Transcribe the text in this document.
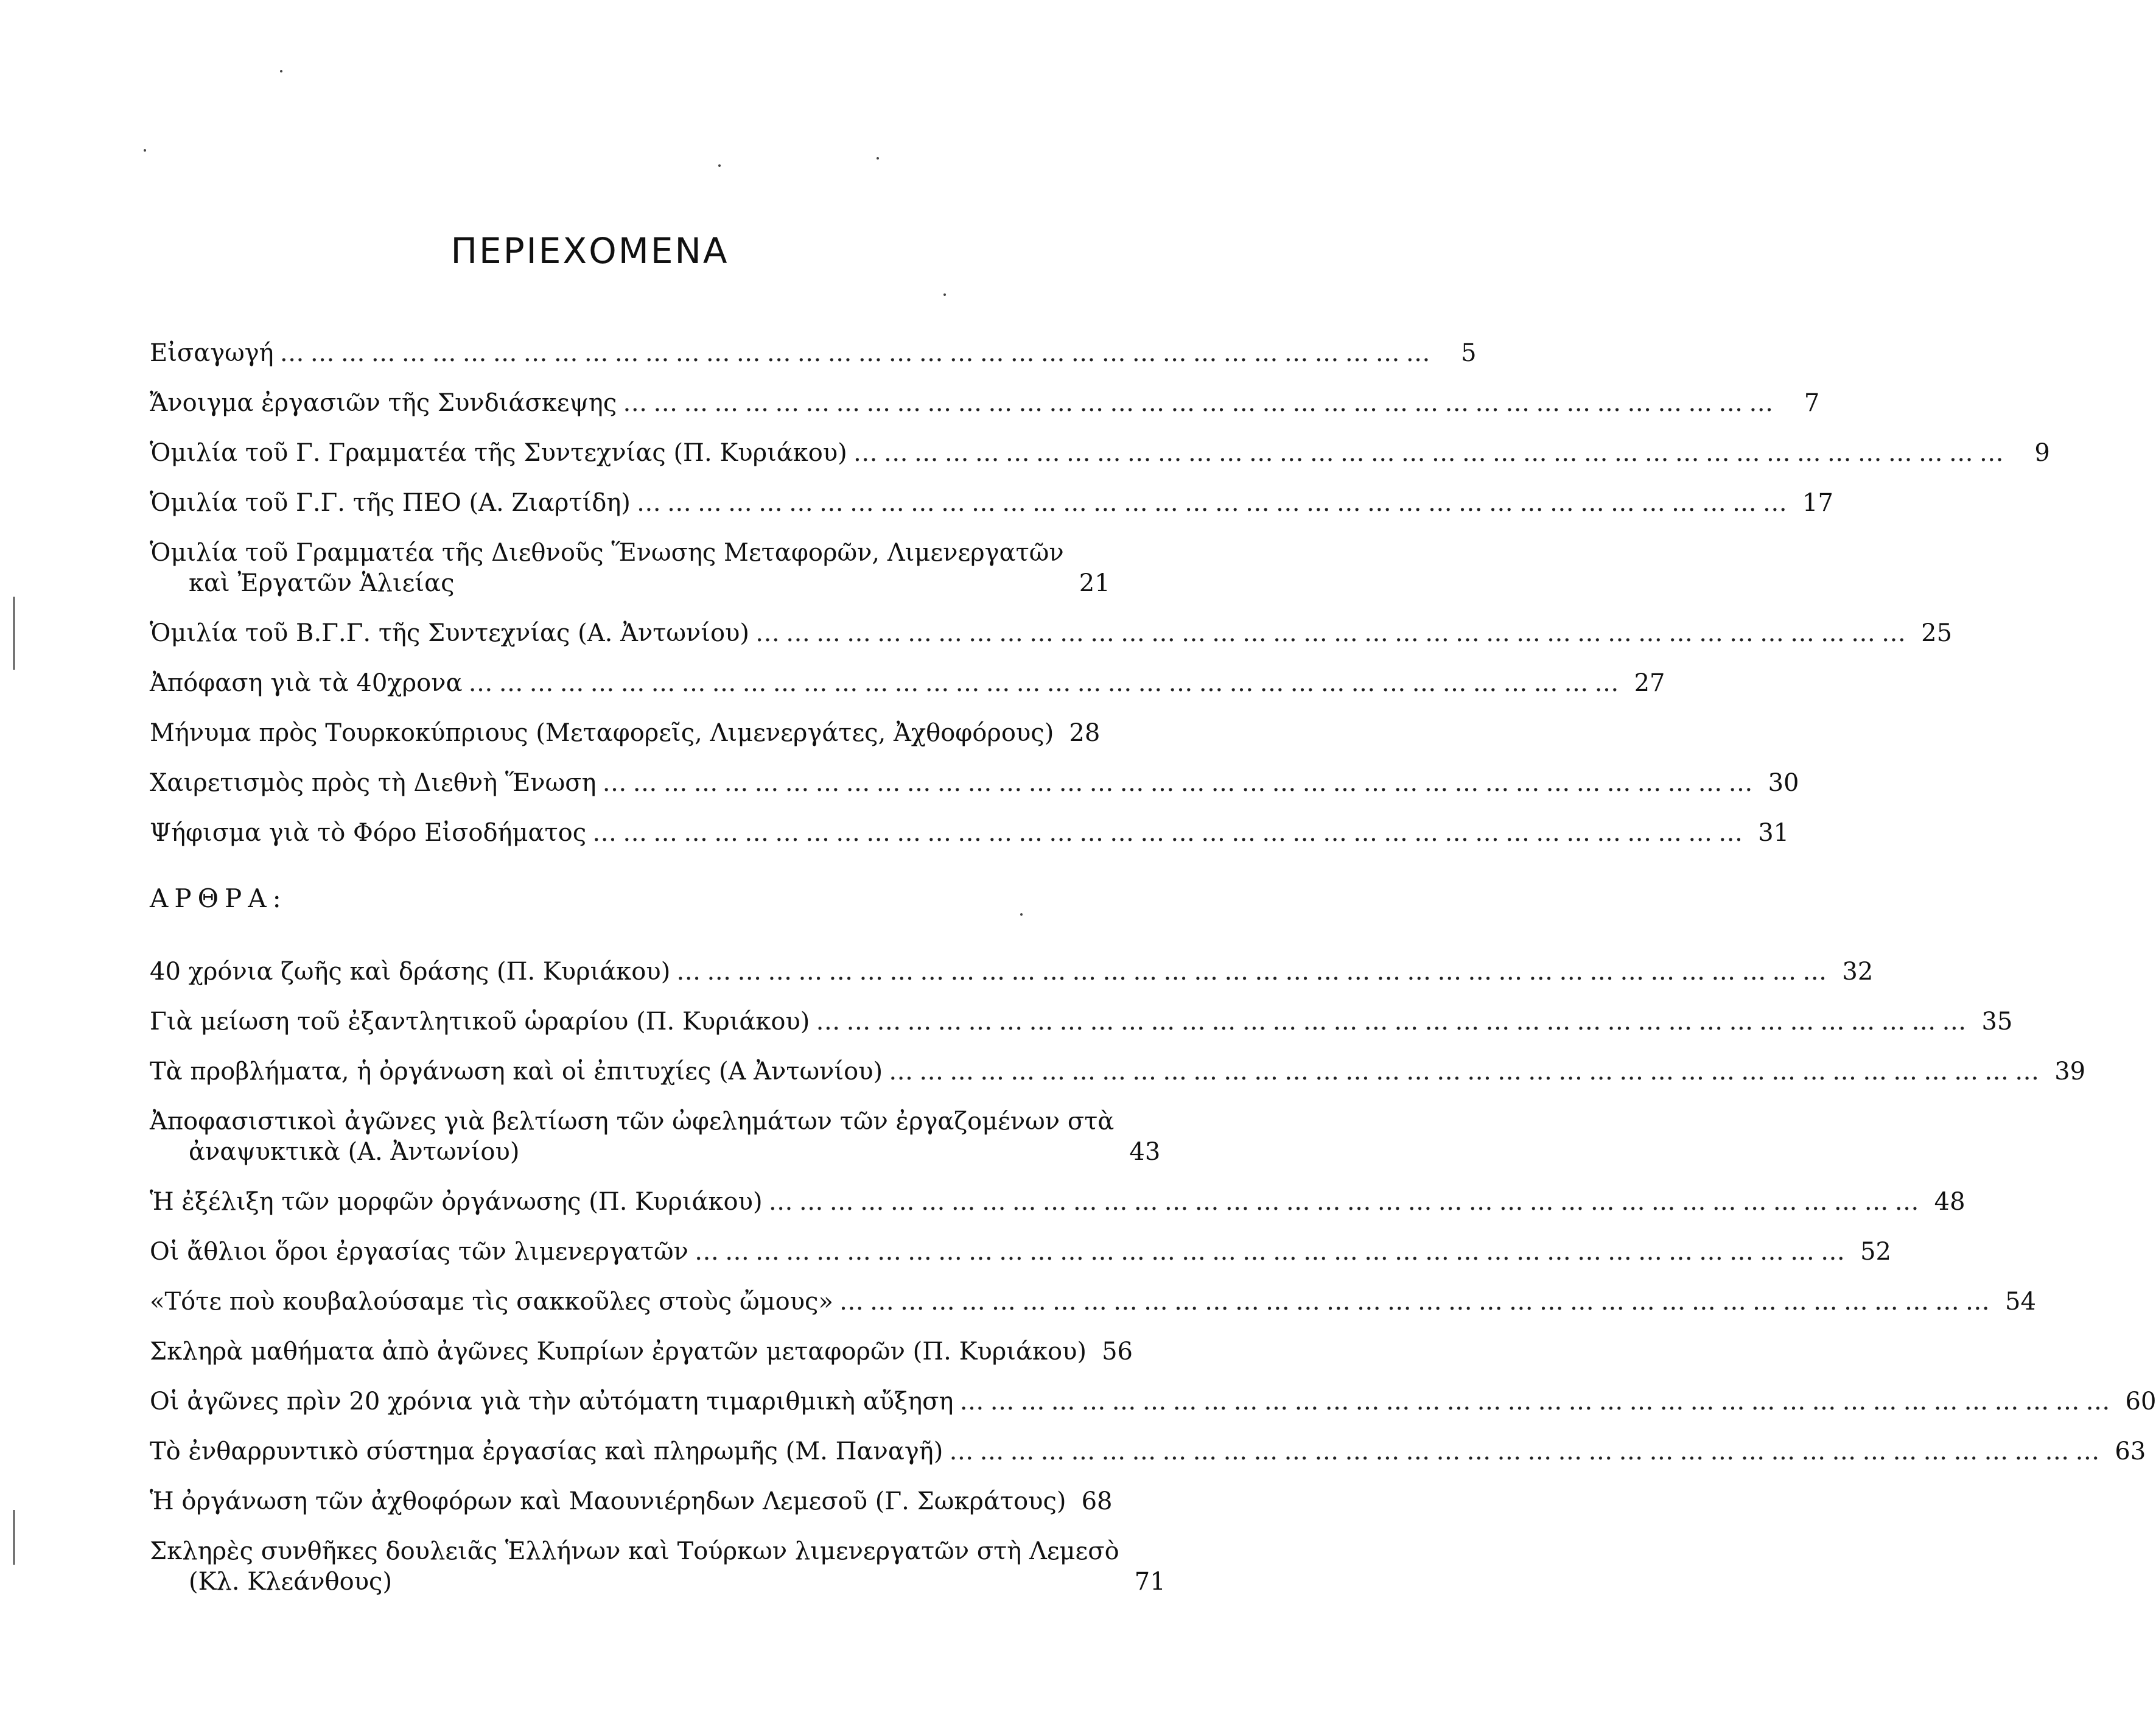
ΠΕΡΙΕΧΟΜΕΝΑ
Εἰσαγωγή ……………………………………………………………………………………………………	5
Ἄνοιγμα ἐργασιῶν τῆς Συνδιάσκεψης ……………………………………………………………………………………………………	7
Ὁμιλία τοῦ Γ. Γραμματέα τῆς Συντεχνίας (Π. Κυριάκου) ……………………………………………………………………………………………………	9
Ὁμιλία τοῦ Γ.Γ. τῆς ΠΕΟ (Α. Ζιαρτίδη) …………………………………………………………………………………………………… 17
Ὁμιλία τοῦ Γραμματέα τῆς Διεθνοῦς Ἕνωσης Μεταφορῶν, Λιμενεργατῶν
καὶ Ἐργατῶν Ἁλιείας	21
Ὁμιλία τοῦ Β.Γ.Γ. τῆς Συντεχνίας (Α. Ἀντωνίου) …………………………………………………………………………………………………… 25
Ἀπόφαση γιὰ τὰ 40χρονα …………………………………………………………………………………………………… 27
Μήνυμα πρὸς Τουρκοκύπριους (Μεταφορεῖς, Λιμενεργάτες, Ἀχθοφόρους) 28
Χαιρετισμὸς πρὸς τὴ Διεθνὴ Ἕνωση …………………………………………………………………………………………………… 30
Ψήφισμα γιὰ τὸ Φόρο Εἰσοδήματος …………………………………………………………………………………………………… 31
ΑΡΘΡΑ:
40 χρόνια ζωῆς καὶ δράσης (Π. Κυριάκου) …………………………………………………………………………………………………… 32
Γιὰ μείωση τοῦ ἐξαντλητικοῦ ὡραρίου (Π. Κυριάκου) …………………………………………………………………………………………………… 35
Τὰ προβλήματα, ἡ ὀργάνωση καὶ οἱ ἐπιτυχίες (Α Ἀντωνίου) …………………………………………………………………………………………………… 39
Ἀποφασιστικοὶ ἀγῶνες γιὰ βελτίωση τῶν ὠφελημάτων τῶν ἐργαζομένων στὰ
ἀναψυκτικὰ (Α. Ἀντωνίου)	43
Ἡ ἐξέλιξη τῶν μορφῶν ὀργάνωσης (Π. Κυριάκου) …………………………………………………………………………………………………… 48
Οἱ ἄθλιοι ὅροι ἐργασίας τῶν λιμενεργατῶν …………………………………………………………………………………………………… 52
«Τότε ποὺ κουβαλούσαμε τὶς σακκοῦλες στοὺς ὤμους» …………………………………………………………………………………………………… 54
Σκληρὰ μαθήματα ἀπὸ ἀγῶνες Κυπρίων ἐργατῶν μεταφορῶν (Π. Κυριάκου) 56
Οἱ ἀγῶνες πρὶν 20 χρόνια γιὰ τὴν αὐτόματη τιμαριθμικὴ αὔξηση …………………………………………………………………………………………………… 60
Τὸ ἐνθαρρυντικὸ σύστημα ἐργασίας καὶ πληρωμῆς (Μ. Παναγῆ) …………………………………………………………………………………………………… 63
Ἡ ὀργάνωση τῶν ἀχθοφόρων καὶ Μαουνιέρηδων Λεμεσοῦ (Γ. Σωκράτους) 68
Σκληρὲς συνθῆκες δουλειᾶς Ἑλλήνων καὶ Τούρκων λιμενεργατῶν στὴ Λεμεσὸ
(Κλ. Κλεάνθους)	71
